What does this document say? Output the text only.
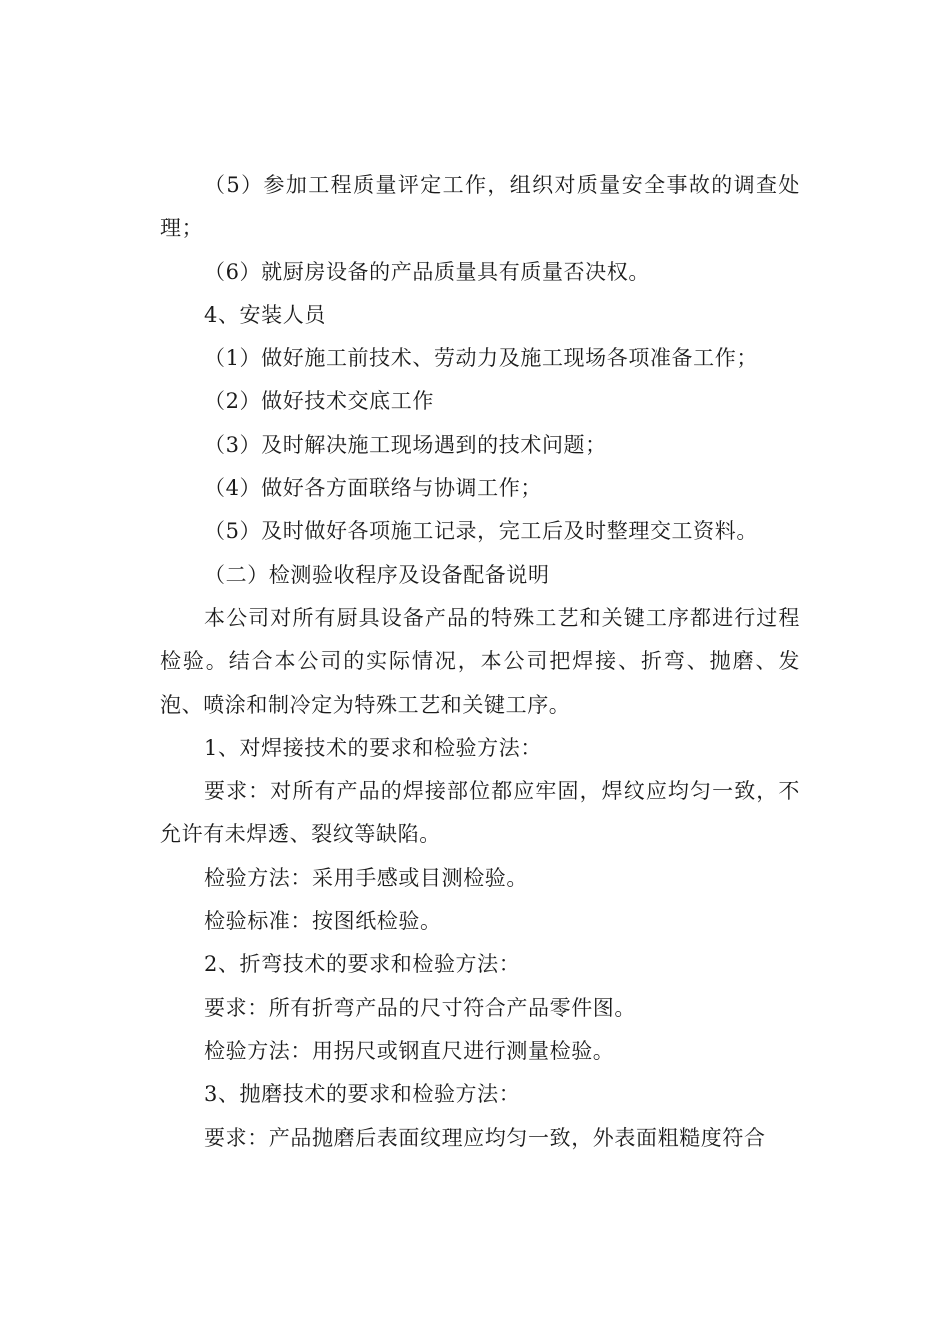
（5）参加工程质量评定工作，组织对质量安全事故的调查处理；

（6）就厨房设备的产品质量具有质量否决权。

4、安装人员

（1）做好施工前技术、劳动力及施工现场各项准备工作；

（2）做好技术交底工作

（3）及时解决施工现场遇到的技术问题；

（4）做好各方面联络与协调工作；

（5）及时做好各项施工记录，完工后及时整理交工资料。

（二）检测验收程序及设备配备说明

本公司对所有厨具设备产品的特殊工艺和关键工序都进行过程检验。结合本公司的实际情况，本公司把焊接、折弯、抛磨、发泡、喷涂和制冷定为特殊工艺和关键工序。

1、对焊接技术的要求和检验方法：

要求：对所有产品的焊接部位都应牢固，焊纹应均匀一致，不允许有未焊透、裂纹等缺陷。

检验方法：采用手感或目测检验。

检验标准：按图纸检验。

2、折弯技术的要求和检验方法：

要求：所有折弯产品的尺寸符合产品零件图。

检验方法：用拐尺或钢直尺进行测量检验。

3、抛磨技术的要求和检验方法：

要求：产品抛磨后表面纹理应均匀一致，外表面粗糙度符合
